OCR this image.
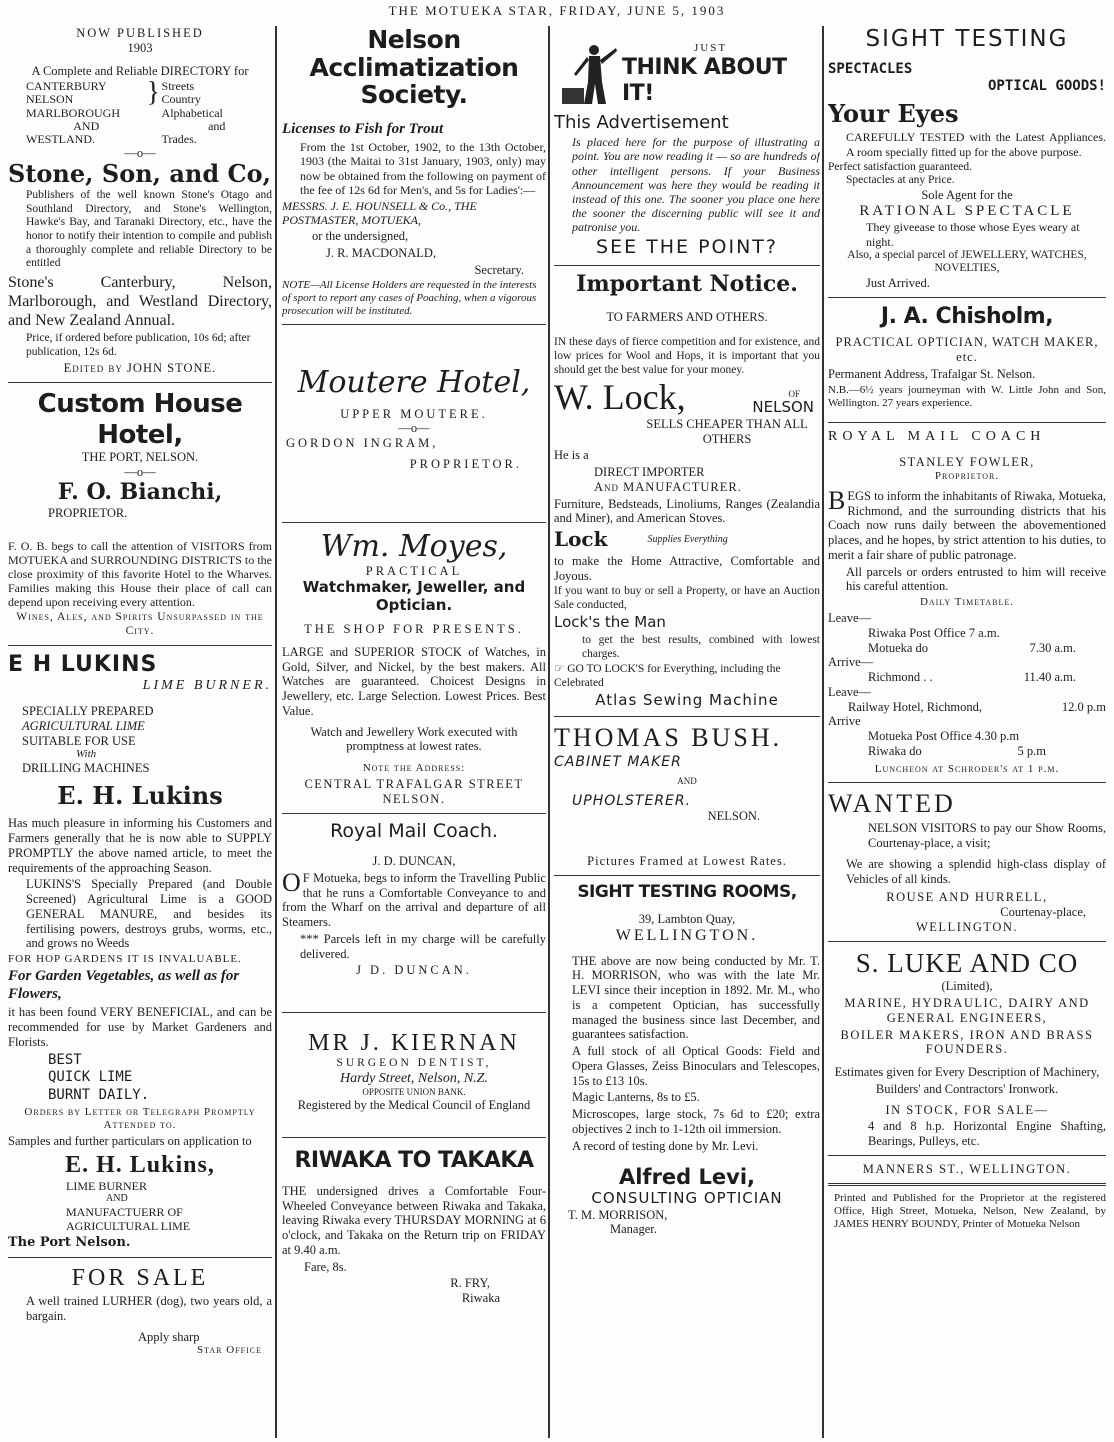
THE MOTUEKA STAR, FRIDAY, JUNE 5, 1903
NOW PUBLISHED
1903
A Complete and Reliable DIRECTORY for
CANTERBURY
NELSON
MARLBOROUGH
AND
WESTLAND.
} Streets
Country
Alphabetical
and
Trades.
—o—
Stone, Son, and Co,

Publishers of the well known Stone's Otago and Southland Directory, and Stone's Wellington, Hawke's Bay, and Taranaki Directory, etc., have the honor to notify their intention to compile and publish a thoroughly complete and reliable Directory to be entitled

Stone's Canterbury, Nelson, Marlborough, and Westland Directory, and New Zealand Annual.

Price, if ordered before publication, 10s 6d; after publication, 12s 6d.

Edited by JOHN STONE.

Custom House Hotel,
THE PORT, NELSON.
—o—
F. O. Bianchi,
PROPRIETOR.

F. O. B. begs to call the attention of VISITORS from MOTUEKA and SURROUNDING DISTRICTS to the close proximity of this favorite Hotel to the Wharves. Families making this House their place of call can depend upon receiving every attention.

Wines, Ales, and Spirits Unsurpassed in the City.

E H LUKINS
LIME BURNER.
SPECIALLY PREPARED
AGRICULTURAL LIME
SUITABLE FOR USE
With
DRILLING MACHINES
E. H. Lukins

Has much pleasure in informing his Customers and Farmers generally that he is now able to SUPPLY PROMPTLY the above named article, to meet the requirements of the approaching Season.

LUKINS'S Specially Prepared (and Double Screened) Agricultural Lime is a GOOD GENERAL MANURE, and besides its fertilising powers, destroys grubs, worms, etc., and grows no Weeds

FOR HOP GARDENS IT IS INVALUABLE.

For Garden Vegetables, as well as for Flowers,

it has been found VERY BENEFICIAL, and can be recommended for use by Market Gardeners and Florists.

BEST
QUICK LIME
BURNT DAILY.

Orders by Letter or Telegraph Promptly Attended to.

Samples and further particulars on application to

E. H. Lukins,
LIME BURNER
AND
MANUFACTUERR OF
AGRICULTURAL LIME
The Port Nelson.
FOR SALE

A well trained LURHER (dog), two years old, a bargain.

Apply sharp
Star Office
Nelson Acclimatization Society.
Licenses to Fish for Trout

From the 1st October, 1902, to the 13th October, 1903 (the Maitai to 31st January, 1903, only) may now be obtained from the following on payment of the fee of 12s 6d for Men's, and 5s for Ladies':—

MESSRS. J. E. HOUNSELL & Co., THE POSTMASTER, MOTUEKA,

or the undersigned,

J. R. MACDONALD,

Secretary.

NOTE—All License Holders are requested in the interests of sport to report any cases of Poaching, when a vigorous prosecution will be instituted.

Moutere Hotel,
UPPER MOUTERE.
—o—
GORDON INGRAM,
PROPRIETOR.
Wm. Moyes,
PRACTICAL
Watchmaker, Jeweller, and Optician.
THE SHOP FOR PRESENTS.

LARGE and SUPERIOR STOCK of Watches, in Gold, Silver, and Nickel, by the best makers. All Watches are guaranteed. Choicest Designs in Jewellery, etc. Large Selection. Lowest Prices. Best Value.

Watch and Jewellery Work executed with promptness at lowest rates.

Note the Address:

CENTRAL TRAFALGAR STREET NELSON.

Royal Mail Coach.
J. D. DUNCAN,

OF Motueka, begs to inform the Travelling Public that he runs a Comfortable Conveyance to and from the Wharf on the arrival and departure of all Steamers.

*** Parcels left in my charge will be carefully delivered.

J D. DUNCAN.

MR J. KIERNAN
SURGEON DENTIST,
Hardy Street, Nelson, N.Z.
OPPOSITE UNION BANK.
Registered by the Medical Council of England
RIWAKA TO TAKAKA

THE undersigned drives a Comfortable Four-Wheeled Conveyance between Riwaka and Takaka, leaving Riwaka every THURSDAY MORNING at 6 o'clock, and Takaka on the Return trip on FRIDAY at 9.40 a.m.

Fare, 8s.

R. FRY,
Riwaka
JUST
THINK ABOUT IT!
This Advertisement

Is placed here for the purpose of illustrating a point. You are now reading it — so are hundreds of other intelligent persons. If your Business Announcement was here they would be reading it instead of this one. The sooner you place one here the sooner the discerning public will see it and patronise you.

SEE THE POINT?
Important Notice.
TO FARMERS AND OTHERS.

IN these days of fierce competition and for existence, and low prices for Wool and Hops, it is important that you should get the best value for your money.

W. Lock,	OF
NELSON
SELLS CHEAPER THAN ALL OTHERS

He is a

DIRECT IMPORTER
And MANUFACTURER.

Furniture, Bedsteads, Linoliums, Ranges (Zealandia and Miner), and American Stoves.

Lock	Supplies Everything

to make the Home Attractive, Comfortable and Joyous.

If you want to buy or sell a Property, or have an Auction Sale conducted,

Lock's the Man

to get the best results, combined with lowest charges.

☞ GO TO LOCK'S for Everything, including the Celebrated

Atlas Sewing Machine
THOMAS BUSH.
CABINET MAKER
AND
UPHOLSTERER.
NELSON.
Pictures Framed at Lowest Rates.
SIGHT TESTING ROOMS,
39, Lambton Quay,
WELLINGTON.

THE above are now being conducted by Mr. T. H. MORRISON, who was with the late Mr. LEVI since their inception in 1892. Mr. M., who is a competent Optician, has successfully managed the business since last December, and guarantees satisfaction.

A full stock of all Optical Goods: Field and Opera Glasses, Zeiss Binoculars and Telescopes, 15s to £13 10s.

Magic Lanterns, 8s to £5.

Microscopes, large stock, 7s 6d to £20; extra objectives 2 inch to 1-12th oil immersion.

A record of testing done by Mr. Levi.

Alfred Levi,
CONSULTING OPTICIAN
T. M. MORRISON,
Manager.
SIGHT TESTING
SPECTACLES
OPTICAL GOODS!
Your Eyes

CAREFULLY TESTED with the Latest Appliances. A room specially fitted up for the above purpose.

Perfect satisfaction guaranteed.

Spectacles at any Price.

Sole Agent for the

RATIONAL SPECTACLE

They giveease to those whose Eyes weary at night.

Also, a special parcel of JEWELLERY, WATCHES, NOVELTIES,

Just Arrived.

J. A. Chisholm,

PRACTICAL OPTICIAN, WATCH MAKER, etc.

Permanent Address, Trafalgar St. Nelson.

N.B.—6½ years journeyman with W. Little John and Son, Wellington. 27 years experience.

ROYAL MAIL COACH
STANLEY FOWLER,
Proprietor.

BEGS to inform the inhabitants of Riwaka, Motueka, Richmond, and the surrounding districts that his Coach now runs daily between the abovementioned places, and he hopes, by strict attention to his duties, to merit a fair share of public patronage.

All parcels or orders entrusted to him will receive his careful attention.

Daily Timetable.

Leave—
Riwaka Post Office 7 a.m.
Motueka do	7.30 a.m.
Arrive—
Richmond . .	11.40 a.m.
Leave—
Railway Hotel, Richmond,	12.0 p.m
Arrive
Motueka Post Office 4.30 p.m
Riwaka do	5 p.m

Luncheon at Schroder's at 1 p.m.

WANTED

NELSON VISITORS to pay our Show Rooms, Courtenay-place, a visit;

We are showing a splendid high-class display of Vehicles of all kinds.

ROUSE AND HURRELL,
Courtenay-place,
WELLINGTON.
S. LUKE AND CO
(Limited),

MARINE, HYDRAULIC, DAIRY AND GENERAL ENGINEERS,

BOILER MAKERS, IRON AND BRASS FOUNDERS.

Estimates given for Every Description of Machinery,

Builders' and Contractors' Ironwork.

IN STOCK, FOR SALE—

4 and 8 h.p. Horizontal Engine Shafting, Bearings, Pulleys, etc.

MANNERS ST., WELLINGTON.

Printed and Published for the Proprietor at the registered Office, High Street, Motueka, Nelson, New Zealand, by JAMES HENRY BOUNDY, Printer of Motueka Nelson
